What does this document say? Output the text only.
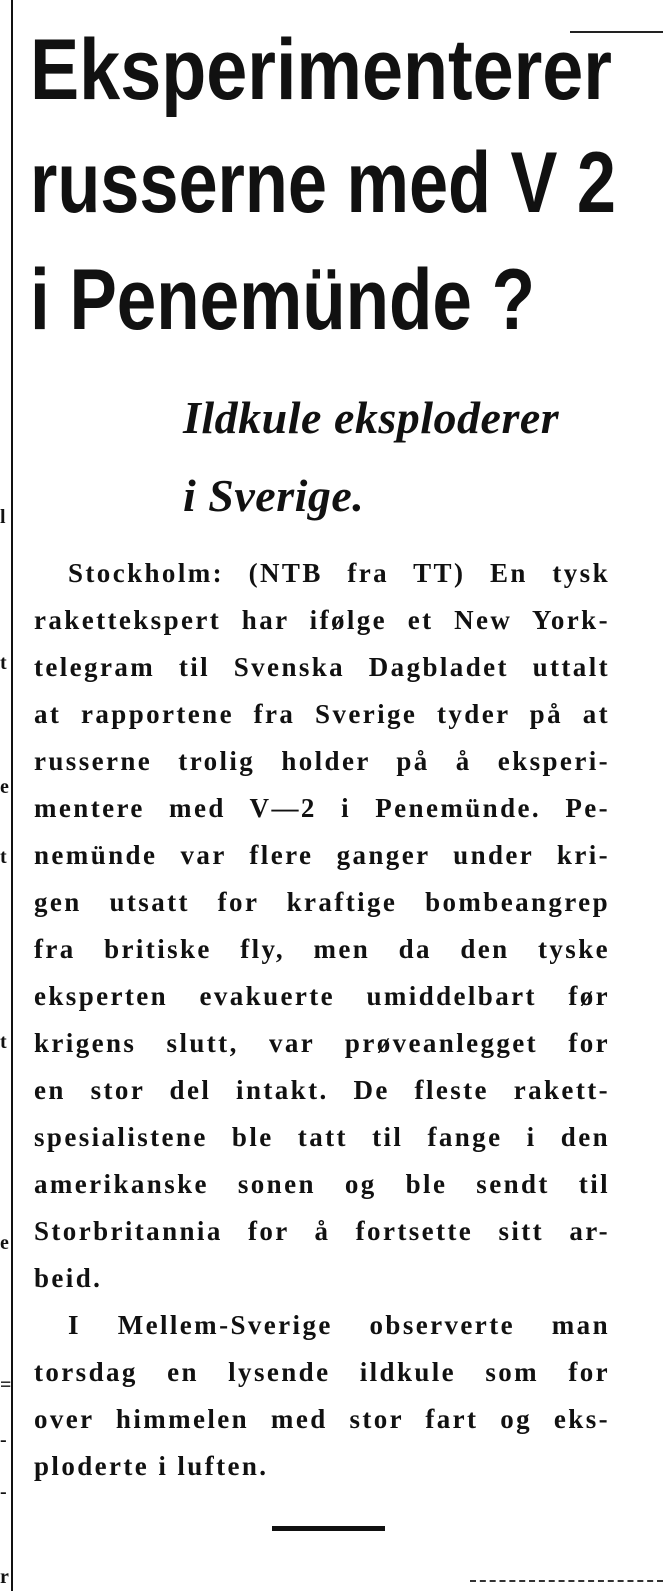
l
t
e
t
t
e
=
-
-
r
Eksperimenterer
russerne med V 2
i Penemünde ?
Ildkule eksploderer
i Sverige.
Stockholm: (NTB fra TT) En tysk
rakettekspert har ifølge et New York-
telegram til Svenska Dagbladet uttalt
at rapportene fra Sverige tyder på at
russerne trolig holder på å eksperi-
mentere med V—2 i Penemünde. Pe-
nemünde var flere ganger under kri-
gen utsatt for kraftige bombeangrep
fra britiske fly, men da den tyske
eksperten evakuerte umiddelbart før
krigens slutt, var prøveanlegget for
en stor del intakt. De fleste rakett-
spesialistene ble tatt til fange i den
amerikanske sonen og ble sendt til
Storbritannia for å fortsette sitt ar-
beid.
I Mellem-Sverige observerte man
torsdag en lysende ildkule som for
over himmelen med stor fart og eks-
ploderte i luften.
